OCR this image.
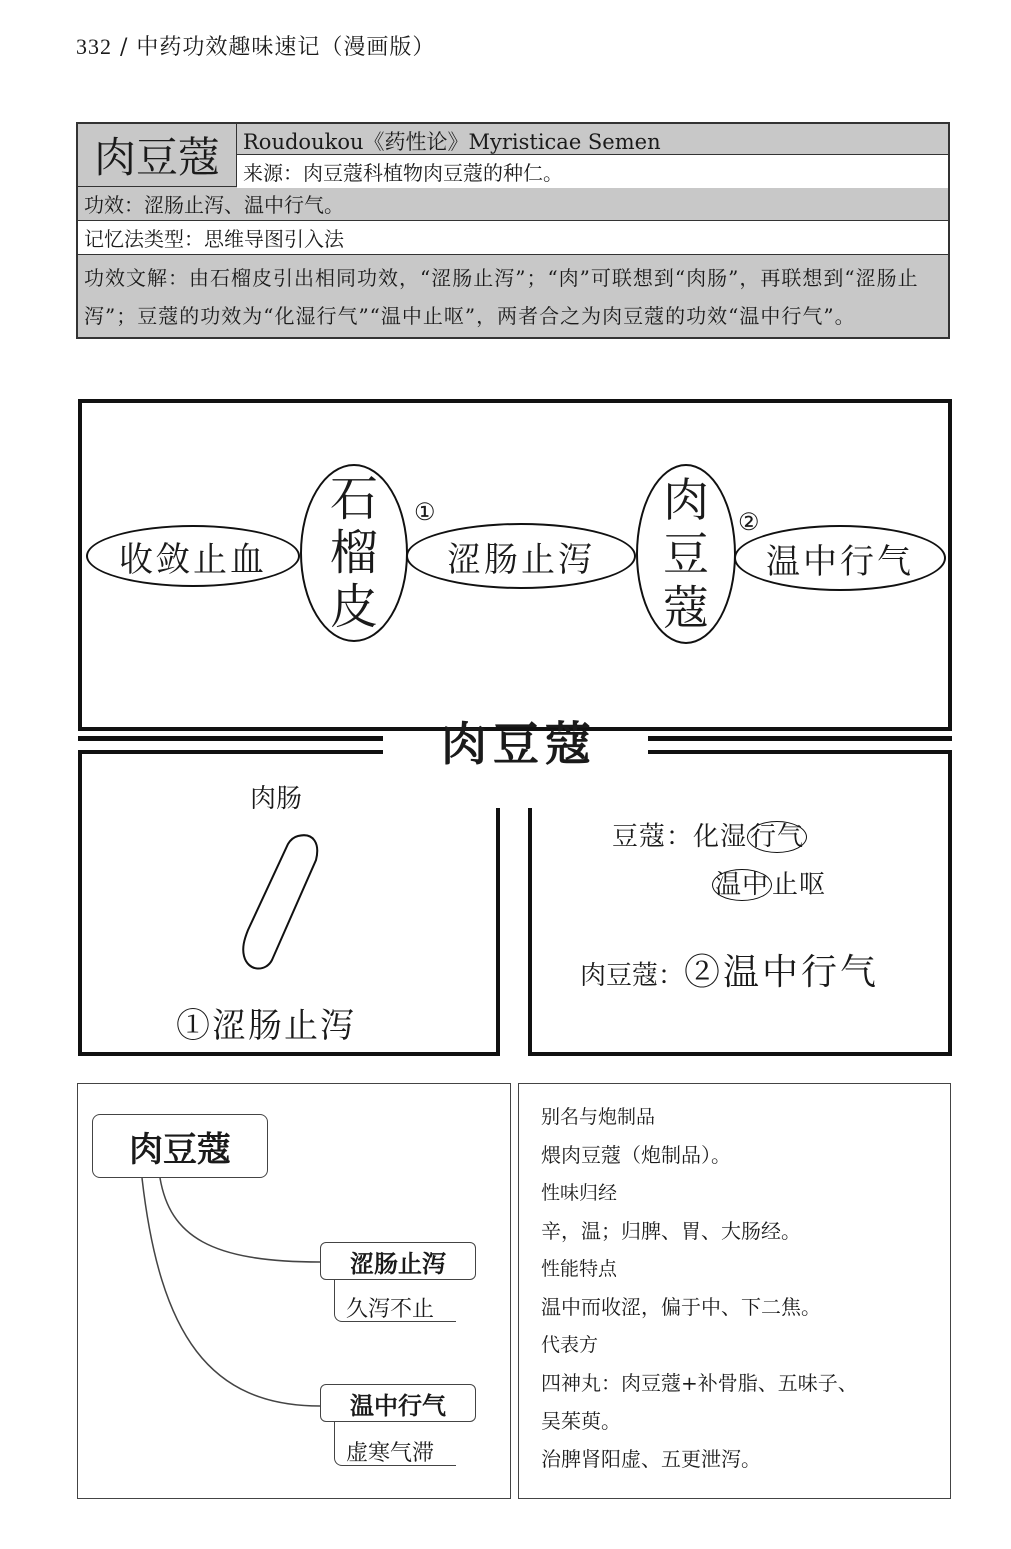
332 / 中药功效趣味速记（漫画版）
肉豆蔻	Roudoukou《药性论》Myristicae Semen
来源：肉豆蔻科植物肉豆蔻的种仁。
功效：涩肠止泻、温中行气。
记忆法类型：思维导图引入法
功效文解：由石榴皮引出相同功效，“涩肠止泻”；“肉”可联想到“肉肠”，再联想到“涩肠止泻”；豆蔻的功效为“化湿行气”“温中止呕”，两者合之为肉豆蔻的功效“温中行气”。
收敛止血
石
榴
皮
①
涩肠止泻
肉
豆
蔻
②
温中行气
肉豆蔻
肉肠
①涩肠止泻
豆蔻：化湿 行气
温中 止呕
肉豆蔻：②温中行气
肉豆蔻
涩肠止泻
久泻不止
温中行气
虚寒气滞
别名与炮制品
煨肉豆蔻（炮制品）。
性味归经
辛，温；归脾、胃、大肠经。
性能特点
温中而收涩，偏于中、下二焦。
代表方
四神丸：肉豆蔻+补骨脂、五味子、
吴茱萸。
治脾肾阳虚、五更泄泻。
